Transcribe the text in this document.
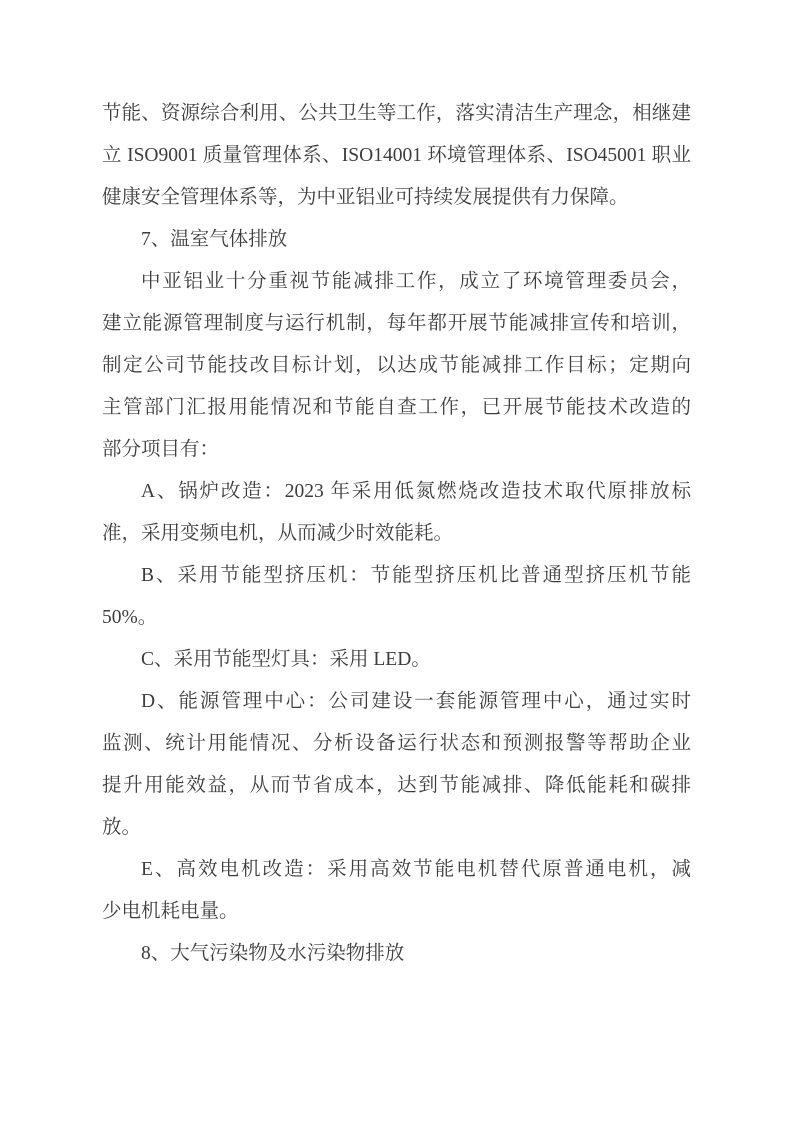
节能、资源综合利用、公共卫生等工作，落实清洁生产理念，相继建
立 ISO9001 质量管理体系、ISO14001 环境管理体系、ISO45001 职业
健康安全管理体系等，为中亚铝业可持续发展提供有力保障。
7、温室气体排放
中亚铝业十分重视节能减排工作，成立了环境管理委员会，
建立能源管理制度与运行机制，每年都开展节能减排宣传和培训，
制定公司节能技改目标计划，以达成节能减排工作目标；定期向
主管部门汇报用能情况和节能自查工作，已开展节能技术改造的
部分项目有：
A、锅炉改造：2023 年采用低氮燃烧改造技术取代原排放标
准，采用变频电机，从而减少时效能耗。
B、采用节能型挤压机：节能型挤压机比普通型挤压机节能
50%。
C、采用节能型灯具：采用 LED。
D、能源管理中心：公司建设一套能源管理中心，通过实时
监测、统计用能情况、分析设备运行状态和预测报警等帮助企业
提升用能效益，从而节省成本，达到节能减排、降低能耗和碳排
放。
E、高效电机改造：采用高效节能电机替代原普通电机，减
少电机耗电量。
8、大气污染物及水污染物排放
